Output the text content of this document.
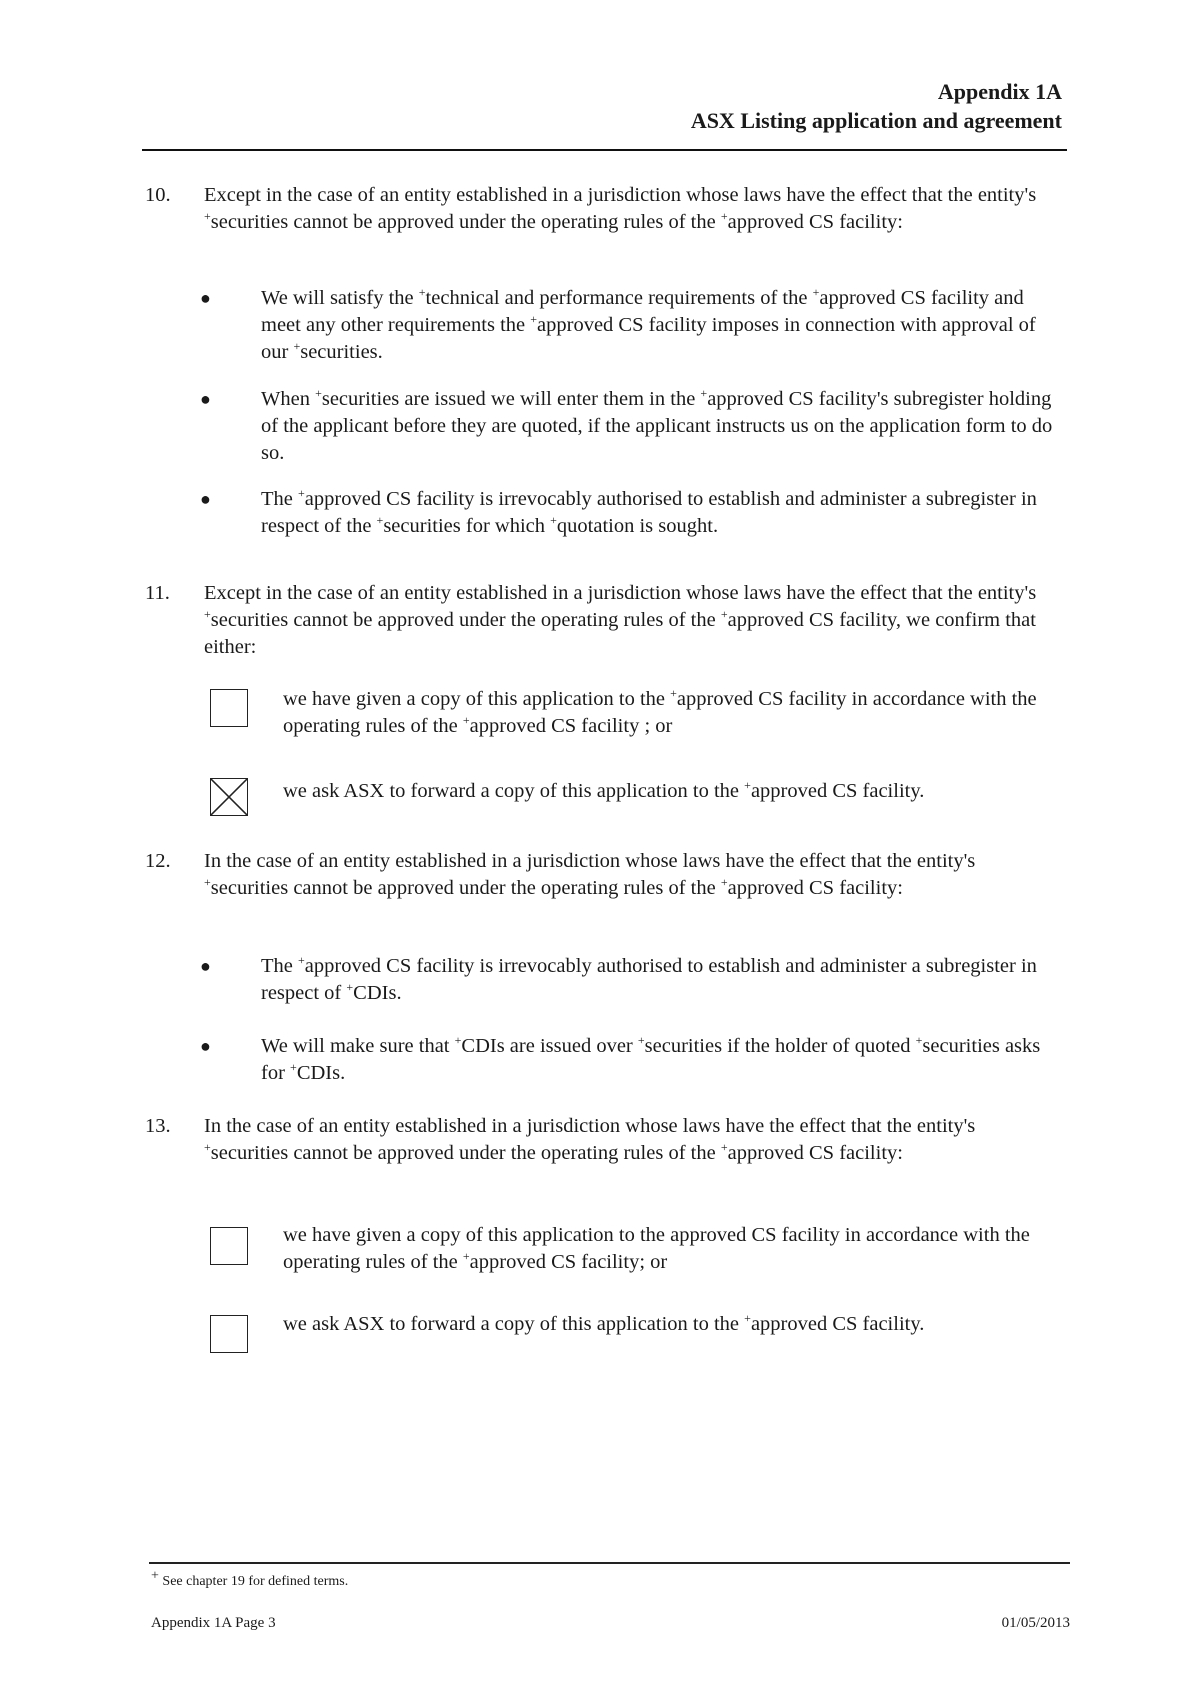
Appendix 1A
ASX Listing application and agreement
10. Except in the case of an entity established in a jurisdiction whose laws have the effect that the entity's +securities cannot be approved under the operating rules of the +approved CS facility:
● We will satisfy the +technical and performance requirements of the +approved CS facility and meet any other requirements the +approved CS facility imposes in connection with approval of our +securities.
● When +securities are issued we will enter them in the +approved CS facility's subregister holding of the applicant before they are quoted, if the applicant instructs us on the application form to do so.
● The +approved CS facility is irrevocably authorised to establish and administer a subregister in respect of the +securities for which +quotation is sought.
11. Except in the case of an entity established in a jurisdiction whose laws have the effect that the entity's +securities cannot be approved under the operating rules of the +approved CS facility, we confirm that either:
we have given a copy of this application to the +approved CS facility in accordance with the operating rules of the +approved CS facility ; or
we ask ASX to forward a copy of this application to the +approved CS facility.
12. In the case of an entity established in a jurisdiction whose laws have the effect that the entity's +securities cannot be approved under the operating rules of the +approved CS facility:
● The +approved CS facility is irrevocably authorised to establish and administer a subregister in respect of +CDIs.
● We will make sure that +CDIs are issued over +securities if the holder of quoted +securities asks for +CDIs.
13. In the case of an entity established in a jurisdiction whose laws have the effect that the entity's +securities cannot be approved under the operating rules of the +approved CS facility:
we have given a copy of this application to the approved CS facility in accordance with the operating rules of the +approved CS facility; or
we ask ASX to forward a copy of this application to the +approved CS facility.
+ See chapter 19 for defined terms.
Appendix 1A Page 3	01/05/2013
